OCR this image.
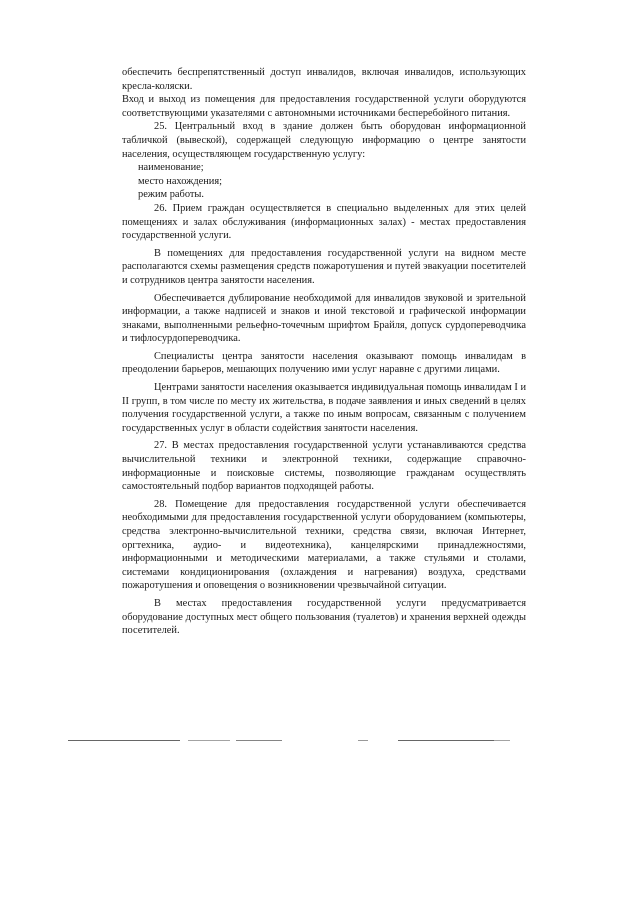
обеспечить беспрепятственный доступ инвалидов, включая инвалидов, использующих кресла-коляски.

Вход и выход из помещения для предоставления государственной услуги оборудуются соответствующими указателями с автономными источниками бесперебойного питания.

25. Центральный вход в здание должен быть оборудован информационной табличкой (вывеской), содержащей следующую информацию о центре занятости населения, осуществляющем государственную услугу:

наименование;

место нахождения;

режим работы.

26. Прием граждан осуществляется в специально выделенных для этих целей помещениях и залах обслуживания (информационных залах) - местах предоставления государственной услуги.

В помещениях для предоставления государственной услуги на видном месте располагаются схемы размещения средств пожаротушения и путей эвакуации посетителей и сотрудников центра занятости населения.

Обеспечивается дублирование необходимой для инвалидов звуковой и зрительной информации, а также надписей и знаков и иной текстовой и графической информации знаками, выполненными рельефно-точечным шрифтом Брайля, допуск сурдопереводчика и тифлосурдопереводчика.

Специалисты центра занятости населения оказывают помощь инвалидам в преодолении барьеров, мешающих получению ими услуг наравне с другими лицами.

Центрами занятости населения оказывается индивидуальная помощь инвалидам I и II групп, в том числе по месту их жительства, в подаче заявления и иных сведений в целях получения государственной услуги, а также по иным вопросам, связанным с получением государственных услуг в области содействия занятости населения.

27. В местах предоставления государственной услуги устанавливаются средства вычислительной техники и электронной техники, содержащие справочно-информационные и поисковые системы, позволяющие гражданам осуществлять самостоятельный подбор вариантов подходящей работы.

28. Помещение для предоставления государственной услуги обеспечивается необходимыми для предоставления государственной услуги оборудованием (компьютеры, средства электронно-вычислительной техники, средства связи, включая Интернет, оргтехника, аудио- и видеотехника), канцелярскими принадлежностями, информационными и методическими материалами, а также стульями и столами, системами кондиционирования (охлаждения и нагревания) воздуха, средствами пожаротушения и оповещения о возникновении чрезвычайной ситуации.

В местах предоставления государственной услуги предусматривается оборудование доступных мест общего пользования (туалетов) и хранения верхней одежды посетителей.
